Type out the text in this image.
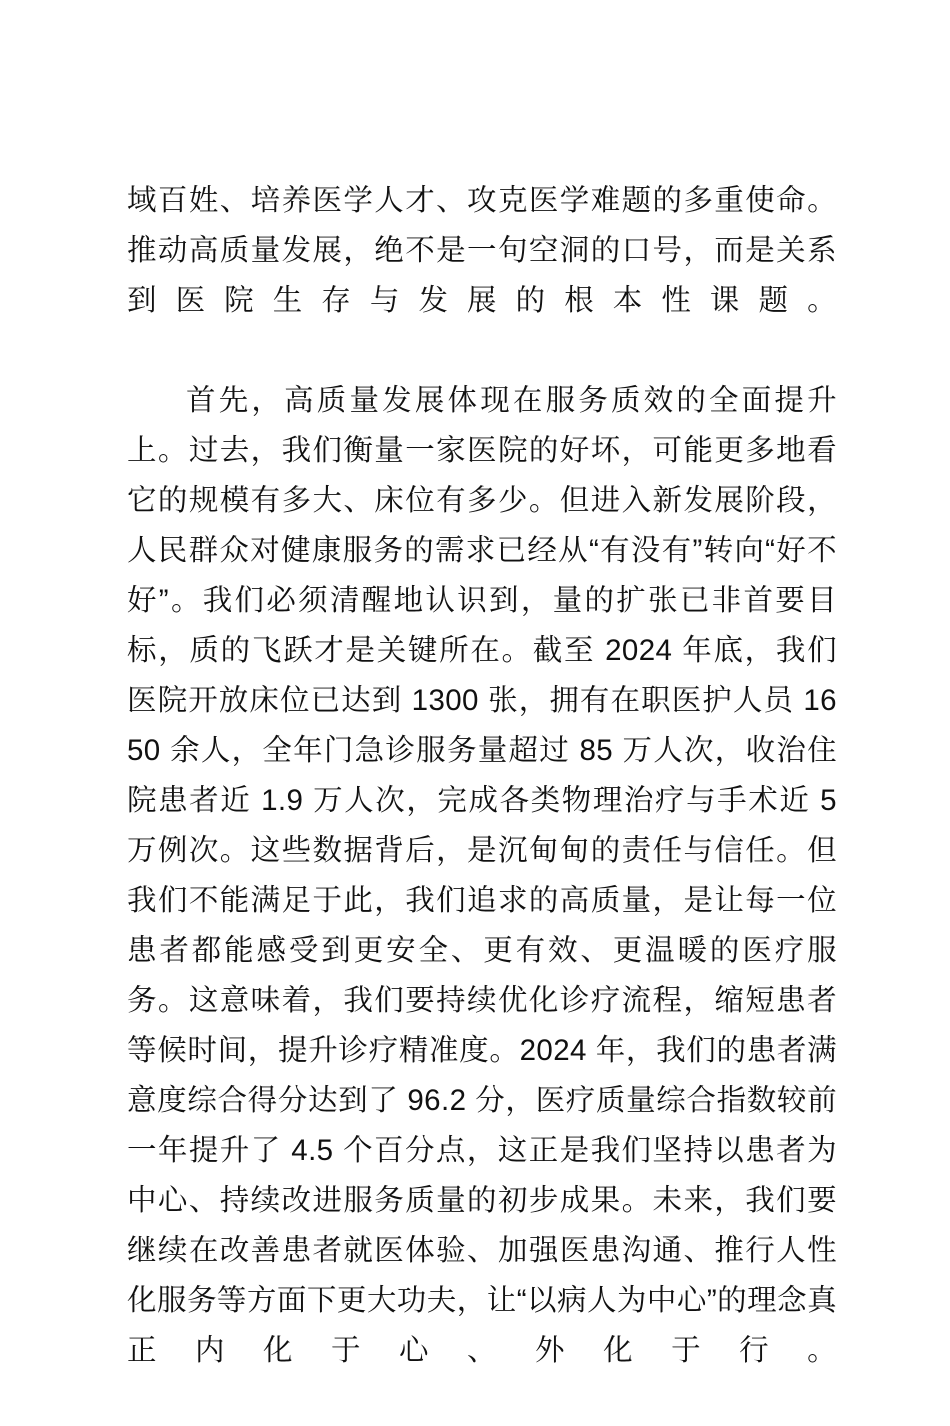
域百姓、培养医学人才、攻克医学难题的多重使命。推动高质量发展，绝不是一句空洞的口号，而是关系到医院生存与发展的根本性课题。

首先，高质量发展体现在服务质效的全面提升上。过去，我们衡量一家医院的好坏，可能更多地看它的规模有多大、床位有多少。但进入新发展阶段，人民群众对健康服务的需求已经从“有没有”转向“好不好”。我们必须清醒地认识到，量的扩张已非首要目标，质的飞跃才是关键所在。截至 2024 年底，我们医院开放床位已达到 1300 张，拥有在职医护人员 1650 余人，全年门急诊服务量超过 85 万人次，收治住院患者近 1.9 万人次，完成各类物理治疗与手术近 5 万例次。这些数据背后，是沉甸甸的责任与信任。但我们不能满足于此，我们追求的高质量，是让每一位患者都能感受到更安全、更有效、更温暖的医疗服务。这意味着，我们要持续优化诊疗流程，缩短患者等候时间，提升诊疗精准度。2024 年，我们的患者满意度综合得分达到了 96.2 分，医疗质量综合指数较前一年提升了 4.5 个百分点，这正是我们坚持以患者为中心、持续改进服务质量的初步成果。未来，我们要继续在改善患者就医体验、加强医患沟通、推行人性化服务等方面下更大功夫，让“以病人为中心”的理念真正内化于心、外化于行。
